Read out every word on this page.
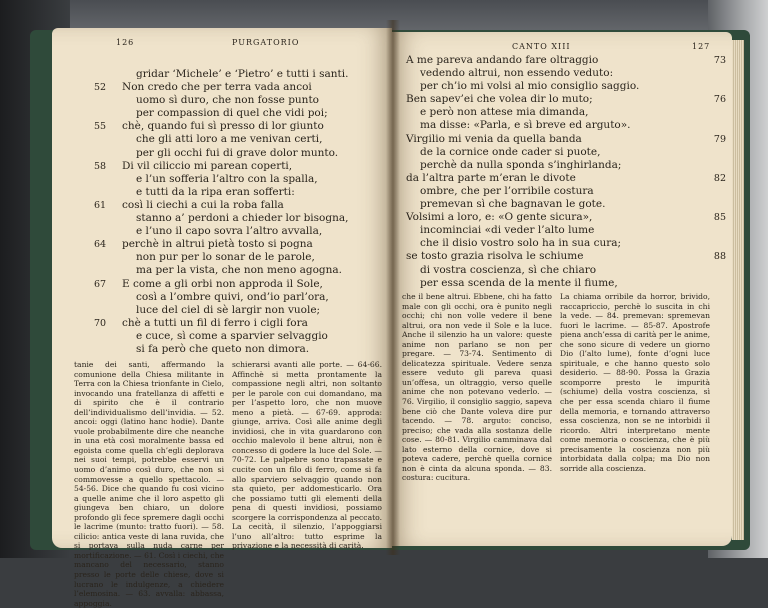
126	PURGATORIO
gridar ‘Michele’ e ‘Pietro’ e tutti i santi.
52 Non credo che per terra vada ancoi
uomo sì duro, che non fosse punto
per compassion di quel che vidi poi;
55 chè, quando fui sì presso di lor giunto
che gli atti loro a me venivan certi,
per gli occhi fui di grave dolor munto.
58 Di vil ciliccio mi parean coperti,
e l’un sofferia l’altro con la spalla,
e tutti da la ripa eran sofferti:
61 così li ciechi a cui la roba falla
stanno a’ perdoni a chieder lor bisogna,
e l’uno il capo sovra l’altro avvalla,
64 perchè in altrui pietà tosto si pogna
non pur per lo sonar de le parole,
ma per la vista, che non meno agogna.
67 E come a gli orbi non approda il Sole,
così a l’ombre quivi, ond’io parl’ora,
luce del ciel di sè largir non vuole;
70 chè a tutti un fil di ferro i cigli fora
e cuce, sì come a sparvier selvaggio
si fa però che queto non dimora.

tanie dei santi, affermando la comunione della Chiesa militante in Terra con la Chiesa trionfante in Cielo, invocando una fratellanza di affetti e di spirito che è il contrario dell’individualismo dell’invidia. — 52. ancoi: oggi (latino hanc hodie). Dante vuole probabilmente dire che neanche in una età così moralmente bassa ed egoista come quella ch’egli deplorava nei suoi tempi, potrebbe esservi un uomo d’animo così duro, che non si commovesse a quello spettacolo. — 54-56. Dice che quando fu così vicino a quelle anime che il loro aspetto gli giungeva ben chiaro, un dolore profondo gli fece spremere dagli occhi le lacrime (munto: tratto fuori). — 58. cilicio: antica veste di lana ruvida, che si portava sulla nuda carne per mortificazione. — 61. Così i ciechi, che mancano del necessario, stanno presso le porte delle chiese, dove si lucrano le indulgenze, a chiedere l’elemosina. — 63. avvalla: abbassa, appoggia.

schierarsi avanti alle porte. — 64-66. Affinchè si metta prontamente la compassione negli altri, non soltanto per le parole con cui domandano, ma per l’aspetto loro, che non muove meno a pietà. — 67-69. approda: giunge, arriva. Così alle anime degli invidiosi, che in vita guardarono con occhio malevolo il bene altrui, non è concesso di godere la luce del Sole. — 70-72. Le palpebre sono trapassate e cucite con un filo di ferro, come si fa allo sparviero selvaggio quando non sta quieto, per addomesticarlo. Ora che possiamo tutti gli elementi della pena di questi invidiosi, possiamo scorgere la corrispondenza al peccato. La cecità, il silenzio, l’appoggiarsi l’uno all’altro: tutto esprime la privazione e la necessità di carità.

CANTO XIII	127
73
A me pareva andando fare oltraggio
vedendo altrui, non essendo veduto:
per ch’io mi volsi al mio consiglio saggio.
76
Ben sapev’ei che volea dir lo muto;
e però non attese mia dimanda,
ma disse: «Parla, e sì breve ed arguto».
79
Virgilio mi venia da quella banda
de la cornice onde cader si puote,
perchè da nulla sponda s’inghirlanda;
82
da l’altra parte m’eran le divote
ombre, che per l’orribile costura
premevan sì che bagnavan le gote.
85
Volsimi a loro, e: «O gente sicura»,
incominciai «di veder l’alto lume
che il disio vostro solo ha in sua cura;
88
se tosto grazia risolva le schiume
di vostra coscienza, sì che chiaro
per essa scenda de la mente il fiume,

che il bene altrui. Ebbene, chi ha fatto male con gli occhi, ora è punito negli occhi; chi non volle vedere il bene altrui, ora non vede il Sole e la luce. Anche il silenzio ha un valore: queste anime non parlano se non per pregare. — 73-74. Sentimento di delicatezza spirituale. Vedere senza essere veduto gli pareva quasi un’offesa, un oltraggio, verso quelle anime che non potevano vederlo. — 76. Virgilio, il consiglio saggio, sapeva bene ciò che Dante voleva dire pur tacendo. — 78. arguto: conciso, preciso; che vada alla sostanza delle cose. — 80-81. Virgilio camminava dal lato esterno della cornice, dove si poteva cadere, perchè quella cornice non è cinta da alcuna sponda. — 83. costura: cucitura.

La chiama orribile da horror, brivido, raccapriccio, perchè lo suscita in chi la vede. — 84. premevan: spremevan fuori le lacrime. — 85-87. Apostrofe piena anch’essa di carità per le anime, che sono sicure di vedere un giorno Dio (l’alto lume), fonte d’ogni luce spirituale, e che hanno questo solo desiderio. — 88-90. Possa la Grazia scomporre presto le impurità (schiume) della vostra coscienza, sì che per essa scenda chiaro il fiume della memoria, e tornando attraverso essa coscienza, non se ne intorbidi il ricordo. Altri interpretano mente come memoria o coscienza, che è più precisamente la coscienza non più intorbidata dalla colpa; ma Dio non sorride alla coscienza.
